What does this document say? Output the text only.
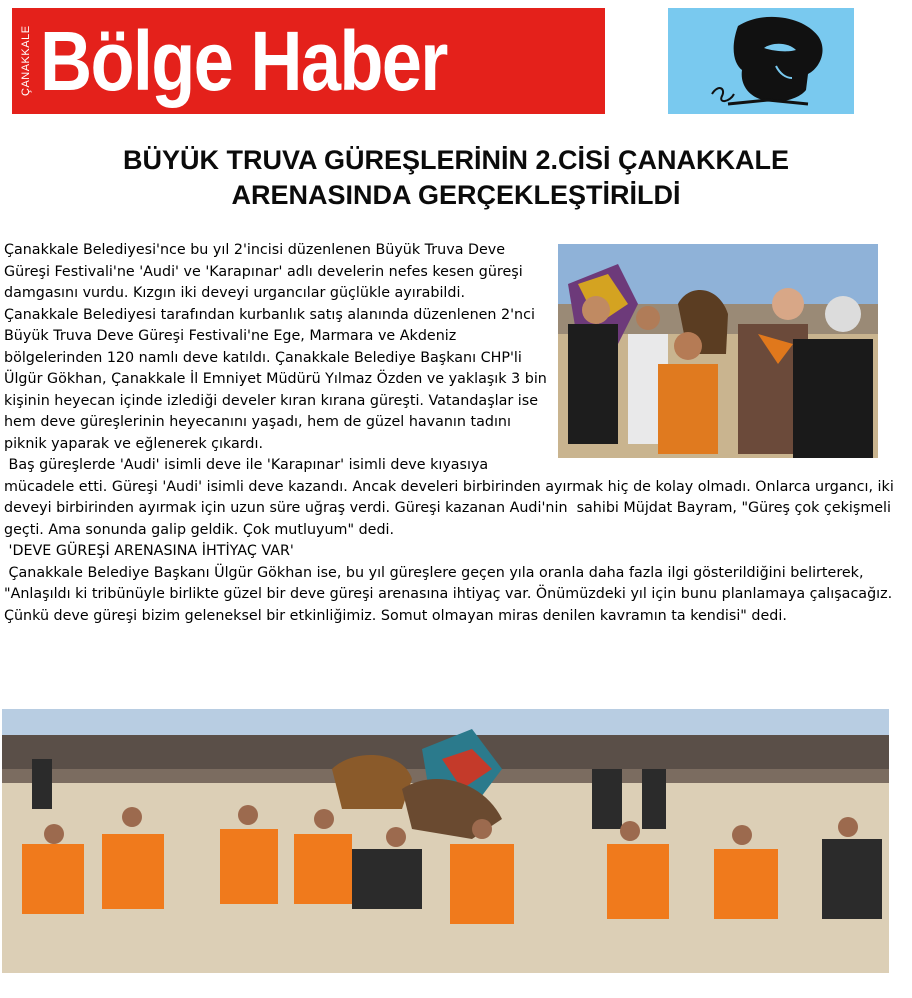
ÇANAKKALE Bölge Haber
BÜYÜK TRUVA GÜREŞLERİNİN 2.CİSİ ÇANAKKALE
ARENASINDA GERÇEKLEŞTİRİLDİ

Çanakkale Belediyesi'nce bu yıl 2'incisi düzenlenen Büyük Truva Deve Güreşi Festivali'ne 'Audi' ve 'Karapınar' adlı develerin nefes kesen güreşi damgasını vurdu. Kızgın iki deveyi urgancılar güçlükle ayırabildi.

Çanakkale Belediyesi tarafından kurbanlık satış alanında düzenlenen 2'nci Büyük Truva Deve Güreşi Festivali'ne Ege, Marmara ve Akdeniz bölgelerinden 120 namlı deve katıldı. Çanakkale Belediye Başkanı CHP'li Ülgür Gökhan, Çanakkale İl Emniyet Müdürü Yılmaz Özden ve yaklaşık 3 bin kişinin heyecan içinde izlediği develer kıran kırana güreşti. Vatandaşlar ise hem deve güreşlerinin heyecanını yaşadı, hem de güzel havanın tadını piknik yaparak ve eğlenerek çıkardı.

Baş güreşlerde 'Audi' isimli deve ile 'Karapınar' isimli deve kıyasıya mücadele etti. Güreşi 'Audi' isimli deve kazandı. Ancak develeri birbirinden ayırmak hiç de kolay olmadı. Onlarca urgancı, iki deveyi birbirinden ayırmak için uzun süre uğraş verdi. Güreşi kazanan Audi'nin  sahibi Müjdat Bayram, "Güreş çok çekişmeli geçti. Ama sonunda galip geldik. Çok mutluyum" dedi.

'DEVE GÜREŞİ ARENASINA İHTİYAÇ VAR'

Çanakkale Belediye Başkanı Ülgür Gökhan ise, bu yıl güreşlere geçen yıla oranla daha fazla ilgi gösterildiğini belirterek, "Anlaşıldı ki tribünüyle birlikte güzel bir deve güreşi arenasına ihtiyaç var. Önümüzdeki yıl için bunu planlamaya çalışacağız. Çünkü deve güreşi bizim geleneksel bir etkinliğimiz. Somut olmayan miras denilen kavramın ta kendisi" dedi.
